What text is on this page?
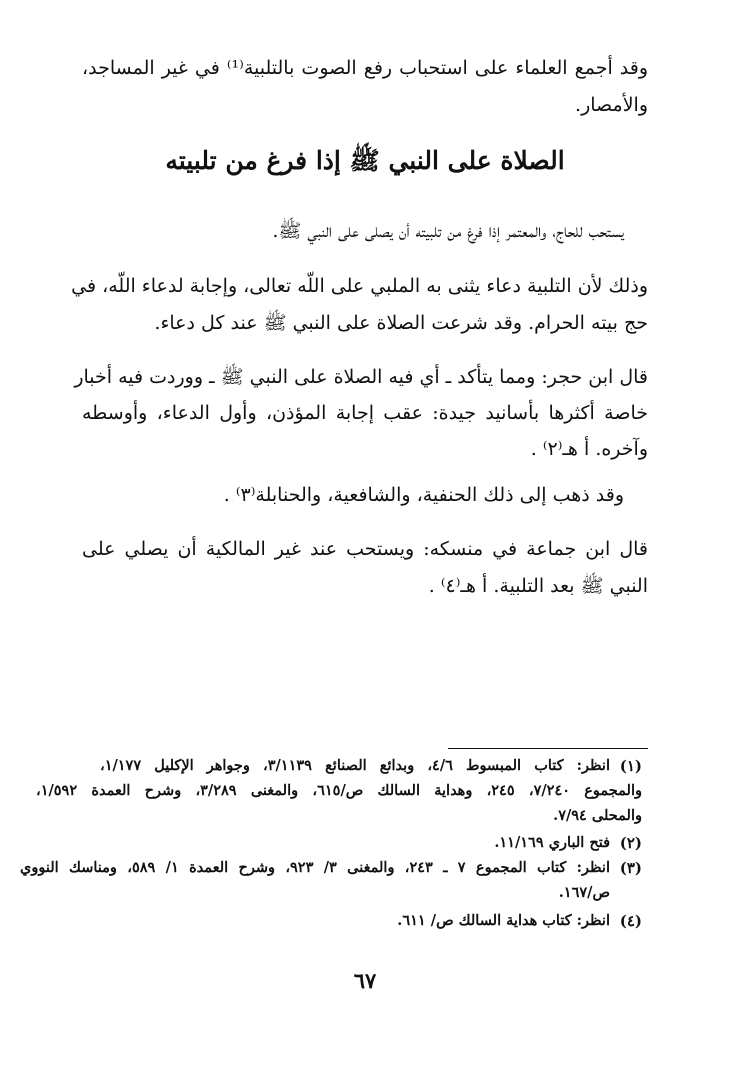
وقد أجمع العلماء على استحباب رفع الصوت بالتلبية⁽¹⁾ في غير المساجد،
والأمصار.
الصلاة على النبي ﷺ إذا فرغ من تلبيته
يستحب للحاج، والمعتمر إذا فرغ من تلبيته أن يصلى على النبي ﷺ.
وذلك لأن التلبية دعاء يثنى به الملبي على اللّه تعالى، وإجابة لدعاء اللّه، في
حج بيته الحرام. وقد شرعت الصلاة على النبي ﷺ عند كل دعاء.
قال ابن حجر: ومما يتأكد ـ أي فيه الصلاة على النبي ﷺ ـ ووردت فيه أخبار
خاصة أكثرها بأسانيد جيدة: عقب إجابة المؤذن، وأول الدعاء، وأوسطه
وآخره. أ هـ⁽٢⁾ .
وقد ذهب إلى ذلك الحنفية، والشافعية، والحنابلة⁽٣⁾ .
قال ابن جماعة في منسكه: ويستحب عند غير المالكية أن يصلي على
النبي ﷺ بعد التلبية. أ هـ⁽٤⁾ .
(١)
انظر: كتاب المبسوط ٤/٦، وبدائع الصنائع ٣/١١٣٩، وجواهر الإكليل ١/١٧٧،
والمجموع ٧/٢٤٠، ٢٤٥، وهداية السالك ص/٦١٥، والمغنى ٣/٢٨٩، وشرح العمدة ١/٥٩٢،
والمحلى ٧/٩٤.
(٢)
فتح الباري ١١/١٦٩.
(٣)
انظر: كتاب المجموع ٧ ـ ٢٤٣، والمغنى ٣/ ٩٢٣، وشرح العمدة ١/ ٥٨٩، ومناسك النووي
ص/١٦٧.
(٤)
انظر: كتاب هداية السالك ص/ ٦١١.
٦٧
